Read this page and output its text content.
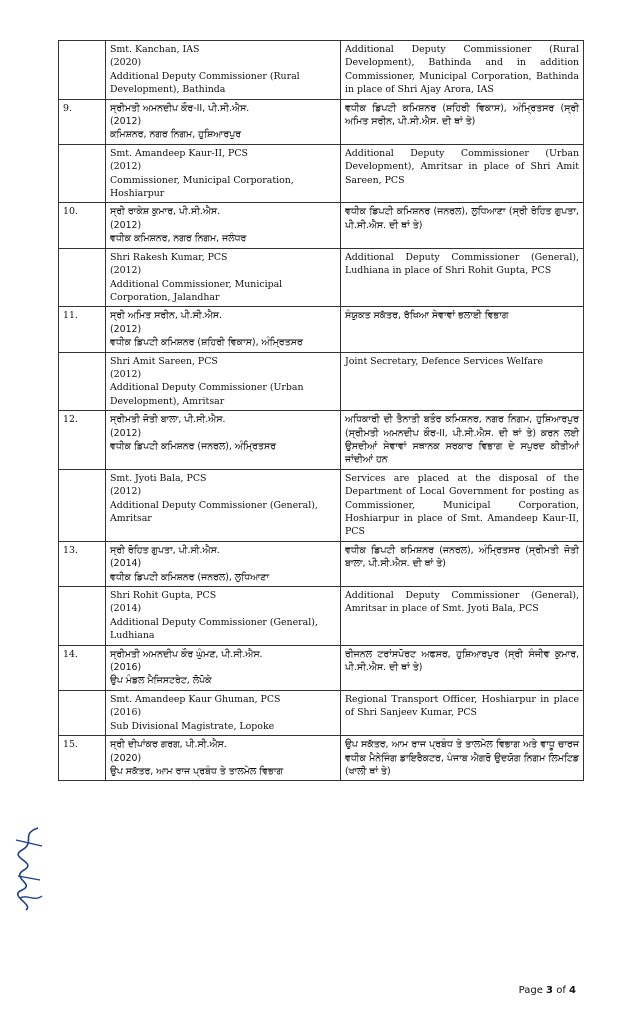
	Smt. Kanchan, IAS
(2020)
Additional Deputy Commissioner (Rural Development), Bathinda	Additional Deputy Commissioner (Rural Development), Bathinda and in addition Commissioner, Municipal Corporation, Bathinda in place of Shri Ajay Arora, IAS
9.	ਸ੍ਰੀਮਤੀ ਅਮਨਦੀਪ ਕੌਰ-II, ਪੀ.ਸੀ.ਐਸ.
(2012)
ਕਮਿਸ਼ਨਰ, ਨਗਰ ਨਿਗਮ, ਹੁਸ਼ਿਆਰਪੁਰ	ਵਧੀਕ ਡਿਪਟੀ ਕਮਿਸ਼ਨਰ (ਸ਼ਹਿਰੀ ਵਿਕਾਸ), ਅੰਮ੍ਰਿਤਸਰ (ਸ੍ਰੀ ਅਮਿਤ ਸਰੀਨ, ਪੀ.ਸੀ.ਐਸ. ਦੀ ਥਾਂ ਤੇ)

	Smt. Amandeep Kaur-II, PCS
(2012)
Commissioner, Municipal Corporation, Hoshiarpur	Additional Deputy Commissioner (Urban Development), Amritsar in place of Shri Amit Sareen, PCS
10.	ਸ੍ਰੀ ਰਾਕੇਸ਼ ਕੁਮਾਰ, ਪੀ.ਸੀ.ਐਸ.
(2012)
ਵਧੀਕ ਕਮਿਸ਼ਨਰ, ਨਗਰ ਨਿਗਮ, ਜਲੰਧਰ	ਵਧੀਕ ਡਿਪਟੀ ਕਮਿਸ਼ਨਰ (ਜਨਰਲ), ਲੁਧਿਆਣਾ (ਸ੍ਰੀ ਰੋਹਿਤ ਗੁਪਤਾ, ਪੀ.ਸੀ.ਐਸ. ਦੀ ਥਾਂ ਤੇ)

	Shri Rakesh Kumar, PCS
(2012)
Additional Commissioner, Municipal Corporation, Jalandhar	Additional Deputy Commissioner (General), Ludhiana in place of Shri Rohit Gupta, PCS
11.	ਸ੍ਰੀ ਅਮਿਤ ਸਰੀਨ, ਪੀ.ਸੀ.ਐਸ.
(2012)
ਵਧੀਕ ਡਿਪਟੀ ਕਮਿਸ਼ਨਰ (ਸ਼ਹਿਰੀ ਵਿਕਾਸ), ਅੰਮ੍ਰਿਤਸਰ	ਸੰਯੁਕਤ ਸਕੱਤਰ, ਰੱਖਿਆ ਸੇਵਾਵਾਂ ਭਲਾਈ ਵਿਭਾਗ

	Shri Amit Sareen, PCS
(2012)
Additional Deputy Commissioner (Urban Development), Amritsar	Joint Secretary, Defence Services Welfare
12.	ਸ੍ਰੀਮਤੀ ਜੋਤੀ ਬਾਲਾ, ਪੀ.ਸੀ.ਐਸ.
(2012)
ਵਧੀਕ ਡਿਪਟੀ ਕਮਿਸ਼ਨਰ (ਜਨਰਲ), ਅੰਮ੍ਰਿਤਸਰ	ਅਧਿਕਾਰੀ ਦੀ ਤੈਨਾਤੀ ਬਤੌਰ ਕਮਿਸ਼ਨਰ, ਨਗਰ ਨਿਗਮ, ਹੁਸ਼ਿਆਰਪੁਰ (ਸ੍ਰੀਮਤੀ ਅਮਨਦੀਪ ਕੌਰ-II, ਪੀ.ਸੀ.ਐਸ. ਦੀ ਥਾਂ ਤੇ) ਕਰਨ ਲਈ ਉਸਦੀਆਂ ਸੇਵਾਵਾਂ ਸਥਾਨਕ ਸਰਕਾਰ ਵਿਭਾਗ ਦੇ ਸਪੁਰਦ ਕੀਤੀਆਂ ਜਾਂਦੀਆਂ ਹਨ

	Smt. Jyoti Bala, PCS
(2012)
Additional Deputy Commissioner (General), Amritsar	Services are placed at the disposal of the Department of Local Government for posting as Commissioner, Municipal Corporation, Hoshiarpur in place of Smt. Amandeep Kaur-II, PCS
13.	ਸ੍ਰੀ ਰੋਹਿਤ ਗੁਪਤਾ, ਪੀ.ਸੀ.ਐਸ.
(2014)
ਵਧੀਕ ਡਿਪਟੀ ਕਮਿਸ਼ਨਰ (ਜਨਰਲ), ਲੁਧਿਆਣਾ	ਵਧੀਕ ਡਿਪਟੀ ਕਮਿਸ਼ਨਰ (ਜਨਰਲ), ਅੰਮ੍ਰਿਤਸਰ (ਸ੍ਰੀਮਤੀ ਜੋਤੀ ਬਾਲਾ, ਪੀ.ਸੀ.ਐਸ. ਦੀ ਥਾਂ ਤੇ)

	Shri Rohit Gupta, PCS
(2014)
Additional Deputy Commissioner (General), Ludhiana	Additional Deputy Commissioner (General), Amritsar in place of Smt. Jyoti Bala, PCS
14.	ਸ੍ਰੀਮਤੀ ਅਮਨਦੀਪ ਕੌਰ ਘੁੰਮਣ, ਪੀ.ਸੀ.ਐਸ.
(2016)
ਉਪ ਮੰਡਲ ਮੈਜਿਸਟਰੇਟ, ਲੋਪੋਕੇ	ਰੀਜਨਲ ਟਰਾਂਸਪੋਰਟ ਅਫਸਰ, ਹੁਸ਼ਿਆਰਪੁਰ (ਸ੍ਰੀ ਸੰਜੀਵ ਕੁਮਾਰ, ਪੀ.ਸੀ.ਐਸ. ਦੀ ਥਾਂ ਤੇ)

	Smt. Amandeep Kaur Ghuman, PCS
(2016)
Sub Divisional Magistrate, Lopoke	Regional Transport Officer, Hoshiarpur in place of Shri Sanjeev Kumar, PCS
15.	ਸ੍ਰੀ ਦੀਪਾਂਕਰ ਗਰਗ, ਪੀ.ਸੀ.ਐਸ.
(2020)
ਉਪ ਸਕੱਤਰ, ਆਮ ਰਾਜ ਪ੍ਰਬੰਧ ਤੇ ਤਾਲਮੇਲ ਵਿਭਾਗ	ਉਪ ਸਕੱਤਰ, ਆਮ ਰਾਜ ਪ੍ਰਬੰਧ ਤੇ ਤਾਲਮੇਲ ਵਿਭਾਗ ਅਤੇ ਵਾਧੂ ਚਾਰਜ ਵਧੀਕ ਮੈਨੇਜਿੰਗ ਡਾਇਰੈਕਟਰ, ਪੰਜਾਬ ਐਗਰੋ ਉਦਯੋਗ ਨਿਗਮ ਲਿਮਟਿਡ (ਖਾਲੀ ਥਾਂ ਤੇ)
Page 3 of 4
